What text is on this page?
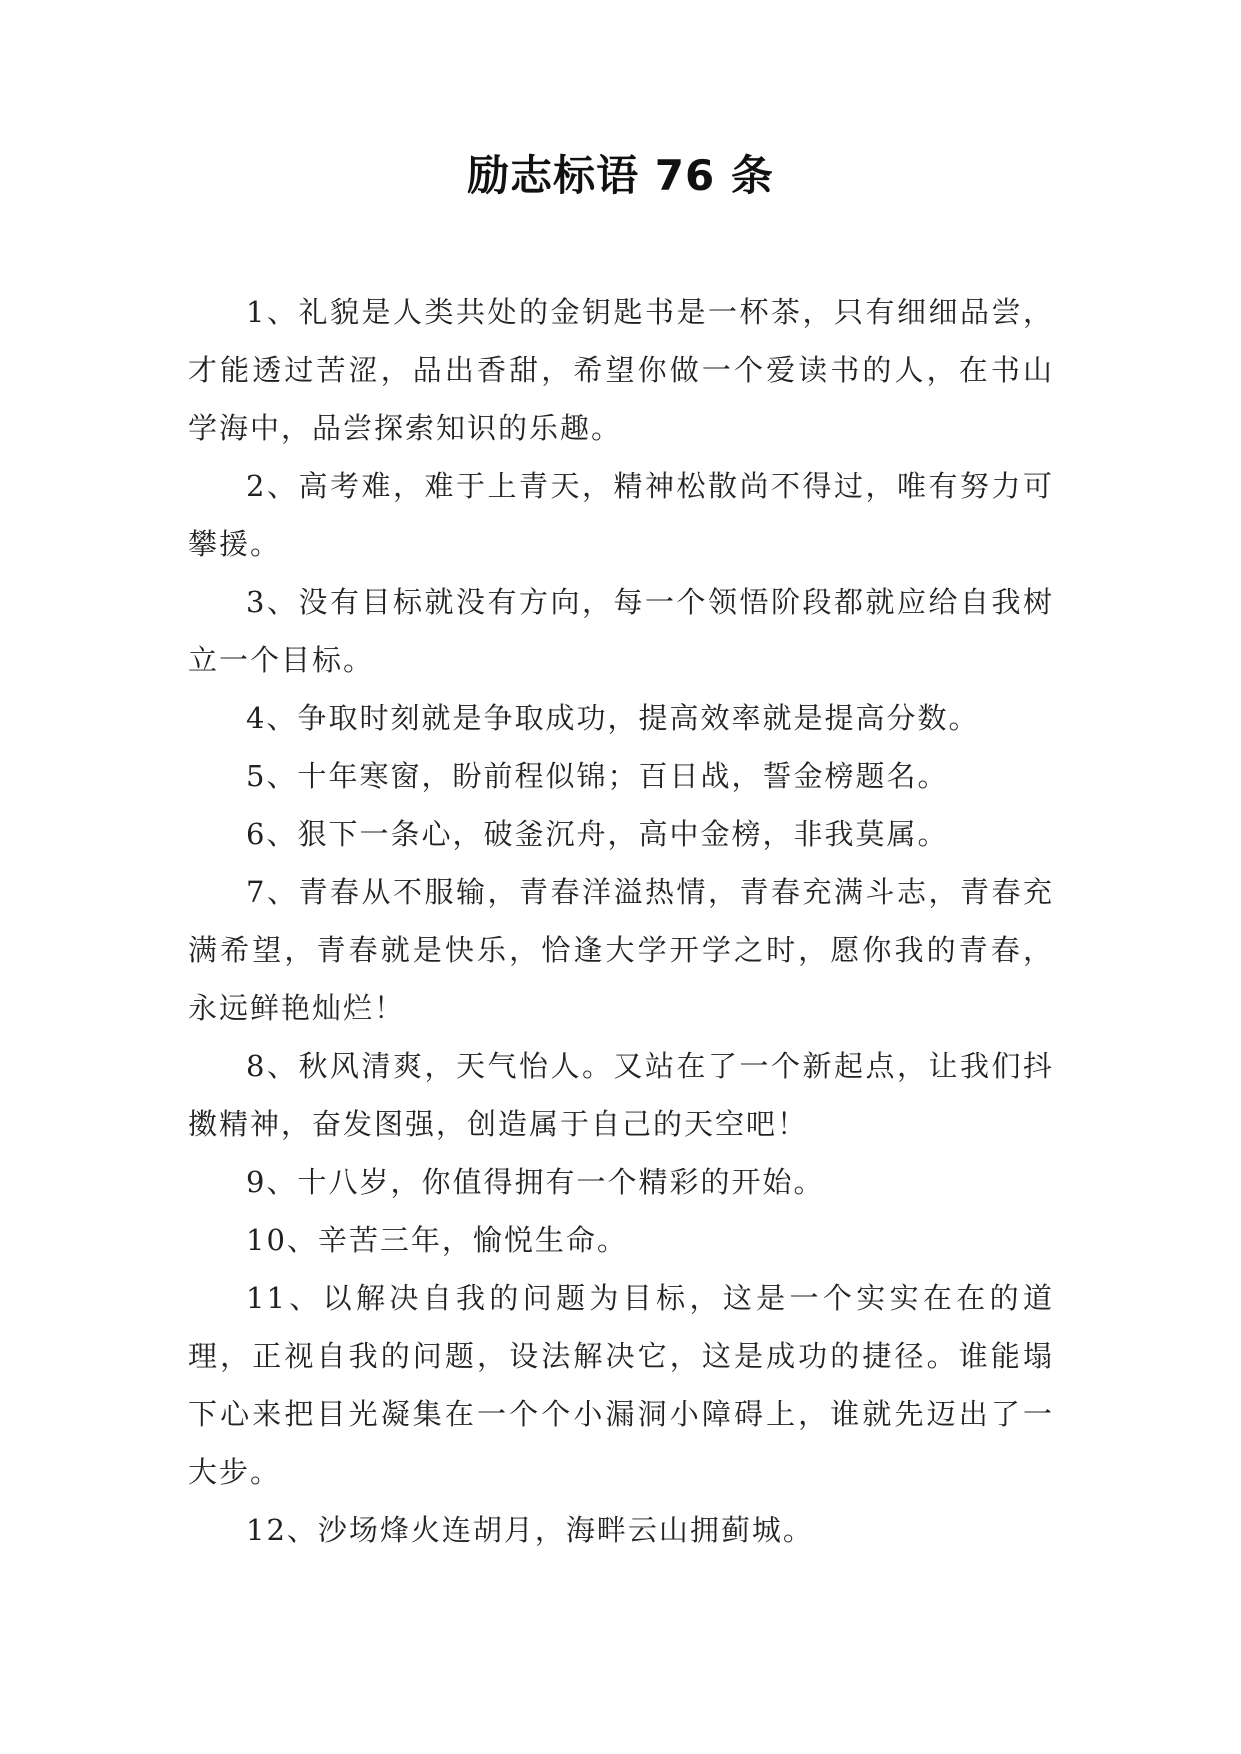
励志标语 76 条

1、礼貌是人类共处的金钥匙书是一杯茶，只有细细品尝，才能透过苦涩，品出香甜，希望你做一个爱读书的人，在书山学海中，品尝探索知识的乐趣。

2、高考难，难于上青天，精神松散尚不得过，唯有努力可攀援。

3、没有目标就没有方向，每一个领悟阶段都就应给自我树立一个目标。

4、争取时刻就是争取成功，提高效率就是提高分数。

5、十年寒窗，盼前程似锦；百日战，誓金榜题名。

6、狠下一条心，破釜沉舟，高中金榜，非我莫属。

7、青春从不服输，青春洋溢热情，青春充满斗志，青春充满希望，青春就是快乐，恰逢大学开学之时，愿你我的青春，永远鲜艳灿烂！

8、秋风清爽，天气怡人。又站在了一个新起点，让我们抖擞精神，奋发图强，创造属于自己的天空吧！

9、十八岁，你值得拥有一个精彩的开始。

10、辛苦三年，愉悦生命。

11、以解决自我的问题为目标，这是一个实实在在的道理，正视自我的问题，设法解决它，这是成功的捷径。谁能塌下心来把目光凝集在一个个小漏洞小障碍上，谁就先迈出了一大步。

12、沙场烽火连胡月，海畔云山拥蓟城。
